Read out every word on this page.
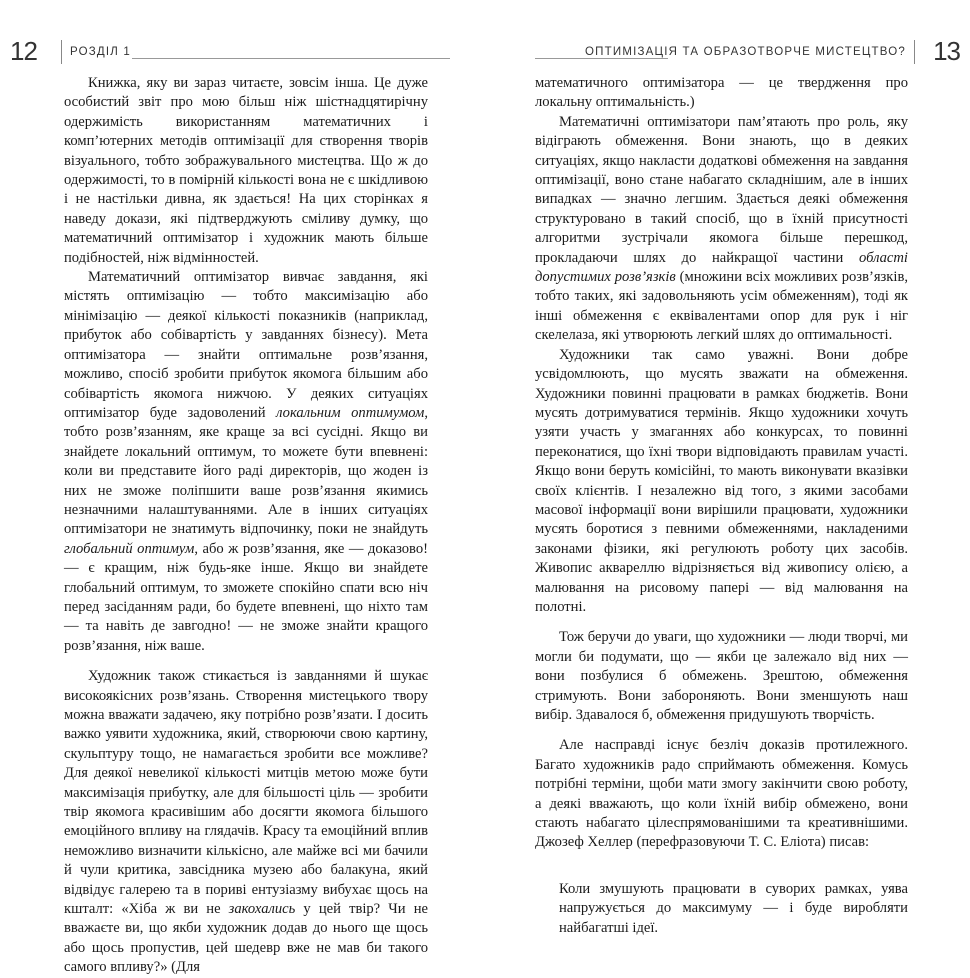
12	РОЗДІЛ 1

Книжка, яку ви зараз читаєте, зовсім інша. Це дуже особистий звіт про мою більш ніж шістнадцятирічну одержимість використанням математичних і комп’ютерних методів оптимізації для створення творів візуального, тобто зображувального мистецтва. Що ж до одержимості, то в помірній кількості вона не є шкідливою і не настільки дивна, як здається! На цих сторінках я наведу докази, які підтверджують сміливу думку, що математичний оптимізатор і художник мають більше подібностей, ніж відмінностей.

Математичний оптимізатор вивчає завдання, які містять оптимізацію — тобто максимізацію або мінімізацію — деякої кількості показників (наприклад, прибуток або собівартість у завданнях бізнесу). Мета оптимізатора — знайти оптимальне розв’язання, можливо, спосіб зробити прибуток якомога більшим або собівартість якомога нижчою. У деяких ситуаціях оптимізатор буде задоволений локальним оптимумом, тобто розв’язанням, яке краще за всі сусідні. Якщо ви знайдете локальний оптимум, то можете бути впевнені: коли ви представите його раді директорів, що жоден із них не зможе поліпшити ваше розв’язання якимись незначними налаштуваннями. Але в інших ситуаціях оптимізатори не знатимуть відпочинку, поки не знайдуть глобальний оптимум, або ж розв’язання, яке — доказово! — є кращим, ніж будь-яке інше. Якщо ви знайдете глобальний оптимум, то зможете спокійно спати всю ніч перед засіданням ради, бо будете впевнені, що ніхто там — та навіть де завгодно! — не зможе знайти кращого розв’язання, ніж ваше.

Художник також стикається із завданнями й шукає високоякісних розв’язань. Створення мистецького твору можна вважати задачею, яку потрібно розв’язати. І досить важко уявити художника, який, створюючи свою картину, скульптуру тощо, не намагається зробити все можливе? Для деякої невеликої кількості митців метою може бути максимізація прибутку, але для більшості ціль — зробити твір якомога красивішим або досягти якомога більшого емоційного впливу на глядачів. Красу та емоційний вплив неможливо визначити кількісно, але майже всі ми бачили й чули критика, завсідника музею або балакуна, який відвідує галерею та в пориві ентузіазму вибухає щось на кшталт: «Хіба ж ви не закохались у цей твір? Чи не вважаєте ви, що якби художник додав до нього ще щось або щось пропустив, цей шедевр вже не мав би такого самого впливу?» (Для

ОПТИМІЗАЦІЯ ТА ОБРАЗОТВОРЧЕ МИСТЕЦТВО? 13

математичного оптимізатора — це твердження про локальну оптимальність.)

Математичні оптимізатори пам’ятають про роль, яку відіграють обмеження. Вони знають, що в деяких ситуаціях, якщо накласти додаткові обмеження на завдання оптимізації, воно стане набагато складнішим, але в інших випадках — значно легшим. Здається деякі обмеження структуровано в такий спосіб, що в їхній присутності алгоритми зустрічали якомога більше перешкод, прокладаючи шлях до найкращої частини області допустимих розв’язків (множини всіх можливих розв’язків, тобто таких, які задовольняють усім обмеженням), тоді як інші обмеження є еквівалентами опор для рук і ніг скелелаза, які утворюють легкий шлях до оптимальності.

Художники так само уважні. Вони добре усвідомлюють, що мусять зважати на обмеження. Художники повинні працювати в рамках бюджетів. Вони мусять дотримуватися термінів. Якщо художники хочуть узяти участь у змаганнях або конкурсах, то повинні переконатися, що їхні твори відповідають правилам участі. Якщо вони беруть комісійні, то мають виконувати вказівки своїх клієнтів. І незалежно від того, з якими засобами масової інформації вони вирішили працювати, художники мусять боротися з певними обмеженнями, накладеними законами фізики, які регулюють роботу цих засобів. Живопис аквареллю відрізняється від живопису олією, а малювання на рисовому папері — від малювання на полотні.

Тож беручи до уваги, що художники — люди творчі, ми могли би подумати, що — якби це залежало від них — вони позбулися б обмежень. Зрештою, обмеження стримують. Вони забороняють. Вони зменшують наш вибір. Здавалося б, обмеження придушують творчість.

Але насправді існує безліч доказів протилежного. Багато художників радо сприймають обмеження. Комусь потрібні терміни, щоби мати змогу закінчити свою роботу, а деякі вважають, що коли їхній вибір обмежено, вони стають набагато цілеспрямованішими та креативнішими. Джозеф Хеллер (перефразовуючи Т. С. Еліота) писав:

Коли змушують працювати в суворих рамках, уява напружується до максимуму — і буде виробляти найбагатші ідеї.
